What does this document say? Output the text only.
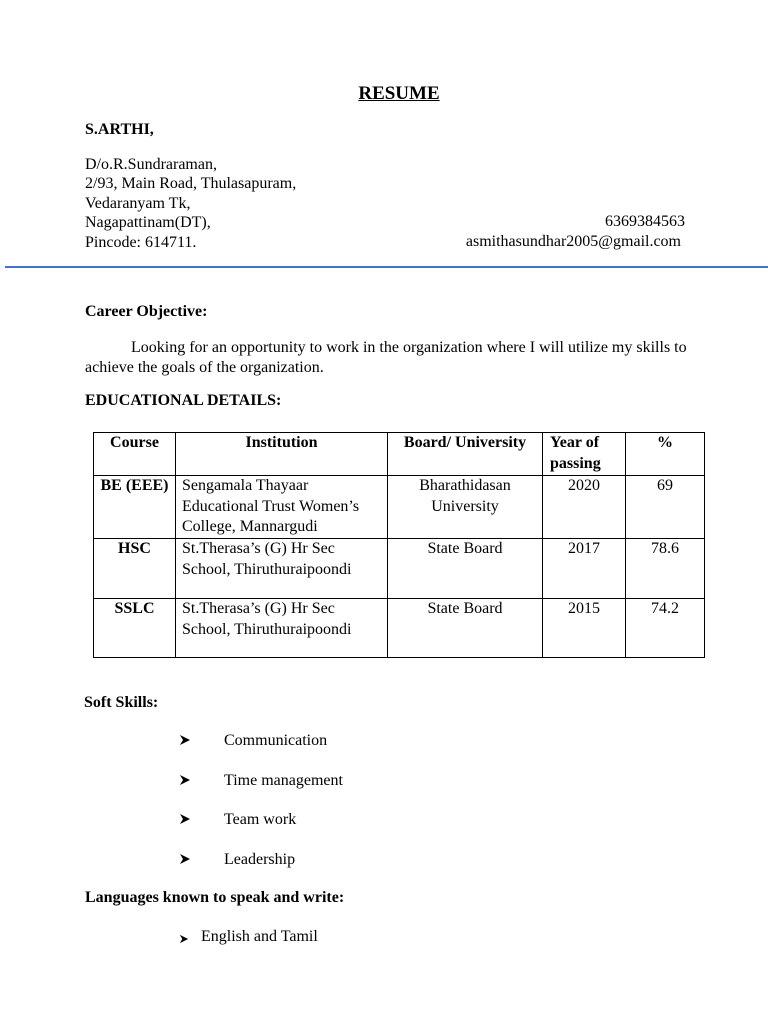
RESUME
S.ARTHI,
D/o.R.Sundraraman,
2/93, Main Road, Thulasapuram,
Vedaranyam Tk,
Nagapattinam(DT),
Pincode: 614711.
6369384563
asmithasundhar2005@gmail.com
Career Objective:
Looking for an opportunity to work in the organization where I will utilize my skills to achieve the goals of the organization.
EDUCATIONAL DETAILS:
Course	Institution	Board/ University	Year of passing	%
BE (EEE)	Sengamala Thayaar Educational Trust Women’s College, Mannargudi	Bharathidasan University	2020	69
HSC	St.Therasa’s (G) Hr Sec School, Thiruthuraipoondi	State Board	2017	78.6
SSLC	St.Therasa’s (G) Hr Sec School, Thiruthuraipoondi	State Board	2015	74.2
Soft Skills:
Communication
Time management
Team work
Leadership
Languages known to speak and write:
English and Tamil
